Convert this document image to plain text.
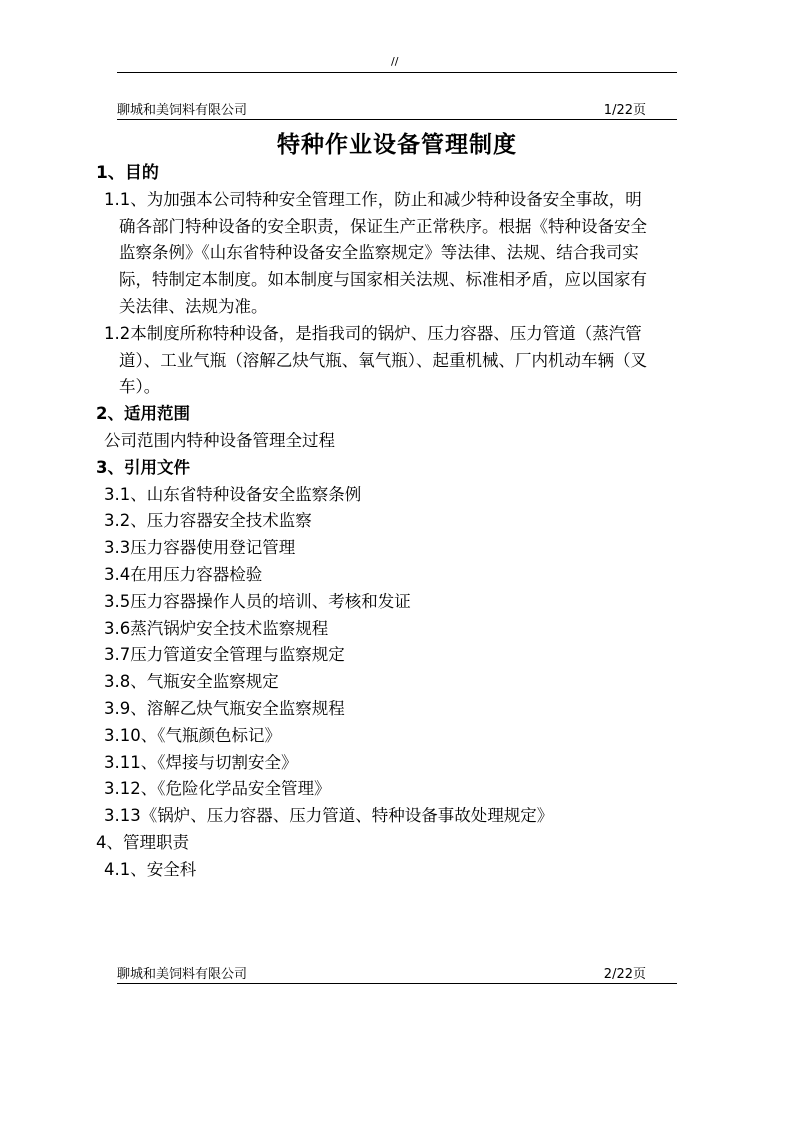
//
聊城和美饲料有限公司	1/22页
特种作业设备管理制度

1、目的

1.1、为加强本公司特种安全管理工作，防止和减少特种设备安全事故，明

确各部门特种设备的安全职责，保证生产正常秩序。根据《特种设备安全

监察条例》《山东省特种设备安全监察规定》等法律、法规、结合我司实

际，特制定本制度。如本制度与国家相关法规、标准相矛盾，应以国家有

关法律、法规为准。

1.2本制度所称特种设备，是指我司的锅炉、压力容器、压力管道（蒸汽管

道）、工业气瓶（溶解乙炔气瓶、氧气瓶）、起重机械、厂内机动车辆（叉

车）。

2、适用范围

公司范围内特种设备管理全过程

3、引用文件

3.1、山东省特种设备安全监察条例

3.2、压力容器安全技术监察

3.3压力容器使用登记管理

3.4在用压力容器检验

3.5压力容器操作人员的培训、考核和发证

3.6蒸汽锅炉安全技术监察规程

3.7压力管道安全管理与监察规定

3.8、气瓶安全监察规定

3.9、溶解乙炔气瓶安全监察规程

3.10、《气瓶颜色标记》

3.11、《焊接与切割安全》

3.12、《危险化学品安全管理》

3.13《锅炉、压力容器、压力管道、特种设备事故处理规定》

4、管理职责

4.1、安全科

聊城和美饲料有限公司	2/22页
